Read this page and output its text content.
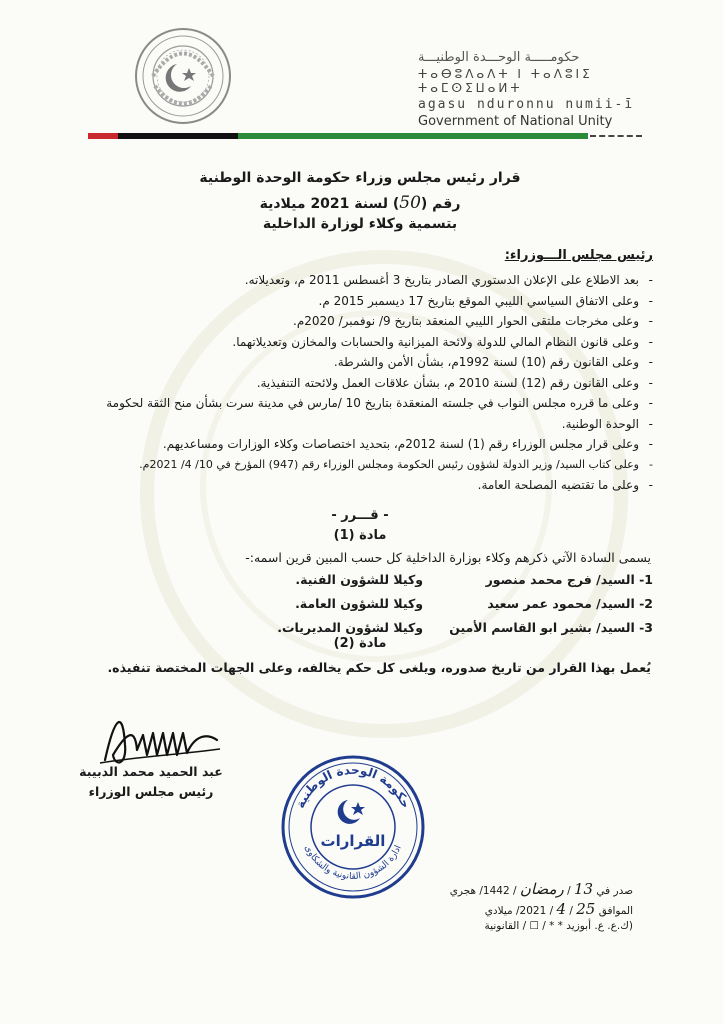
حكومـــــة الوحـــدة الوطنيـــة
ⵜⴰⴱⵓⴷⴰⴷⵜ ⵏ ⵜⴰⴷⵓⵏⵉ ⵜⴰⵎⵙⵉⵡⴰⵍⵜ
agasu nduronnu numii-ī
Government of National Unity
قرار رئيس مجلس وزراء حكومة الوحدة الوطنية
رقم (50) لسنة 2021 ميلادية
بتسمية وكلاء لوزارة الداخلية
رئيس مجلس الـــوزراء:
- بعد الاطلاع على الإعلان الدستوري الصادر بتاريخ 3 أغسطس 2011 م، وتعديلاته.
- وعلى الاتفاق السياسي الليبي الموقع بتاريخ 17 ديسمبر 2015 م.
- وعلى مخرجات ملتقى الحوار الليبي المنعقد بتاريخ 9/ نوفمبر/ 2020م.
- وعلى قانون النظام المالي للدولة ولائحة الميزانية والحسابات والمخازن وتعديلاتهما.
- وعلى القانون رقم (10) لسنة 1992م، بشأن الأمن والشرطة.
- وعلى القانون رقم (12) لسنة 2010 م، بشأن علاقات العمل ولائحته التنفيذية.
- وعلى ما قرره مجلس النواب في جلسته المنعقدة بتاريخ 10 /مارس في مدينة سرت بشأن منح الثقة لحكومة
- الوحدة الوطنية.
- وعلى قرار مجلس الوزراء رقم (1) لسنة 2012م، بتحديد اختصاصات وكلاء الوزارات ومساعديهم.
- وعلى كتاب السيد/ وزير الدولة لشؤون رئيس الحكومة ومجلس الوزراء رقم (947) المؤرخ في 10/ 4/ 2021م.
- وعلى ما تقتضيه المصلحة العامة.
- قـــرر -
مادة (1)
يسمى السادة الآتي ذكرهم وكلاء بوزارة الداخلية كل حسب المبين قرين اسمه:-
1- السيد/ فرج محمد منصور
وكيلا للشؤون الفنية.
2- السيد/ محمود عمر سعيد
وكيلا للشؤون العامة.
3- السيد/ بشير ابو القاسم الأمين
وكيلا لشؤون المديريات.
مادة (2)
يُعمل بهذا القرار من تاريخ صدوره، ويلغى كل حكم يخالفه، وعلى الجهات المختصة تنفيذه.
عبد الحميد محمد الدبيبة
رئيس مجلس الوزراء
حكومة الوحدة الوطنية
ادارة الشؤون القانونية والشكاوى
القرارات
صدر في 13 / رمضان / 1442/ هجري
الموافق 25 / 4 / 2021/ ميلادي
(ك.ع. ع. أبوزيد * * / ☐ / القانونية
